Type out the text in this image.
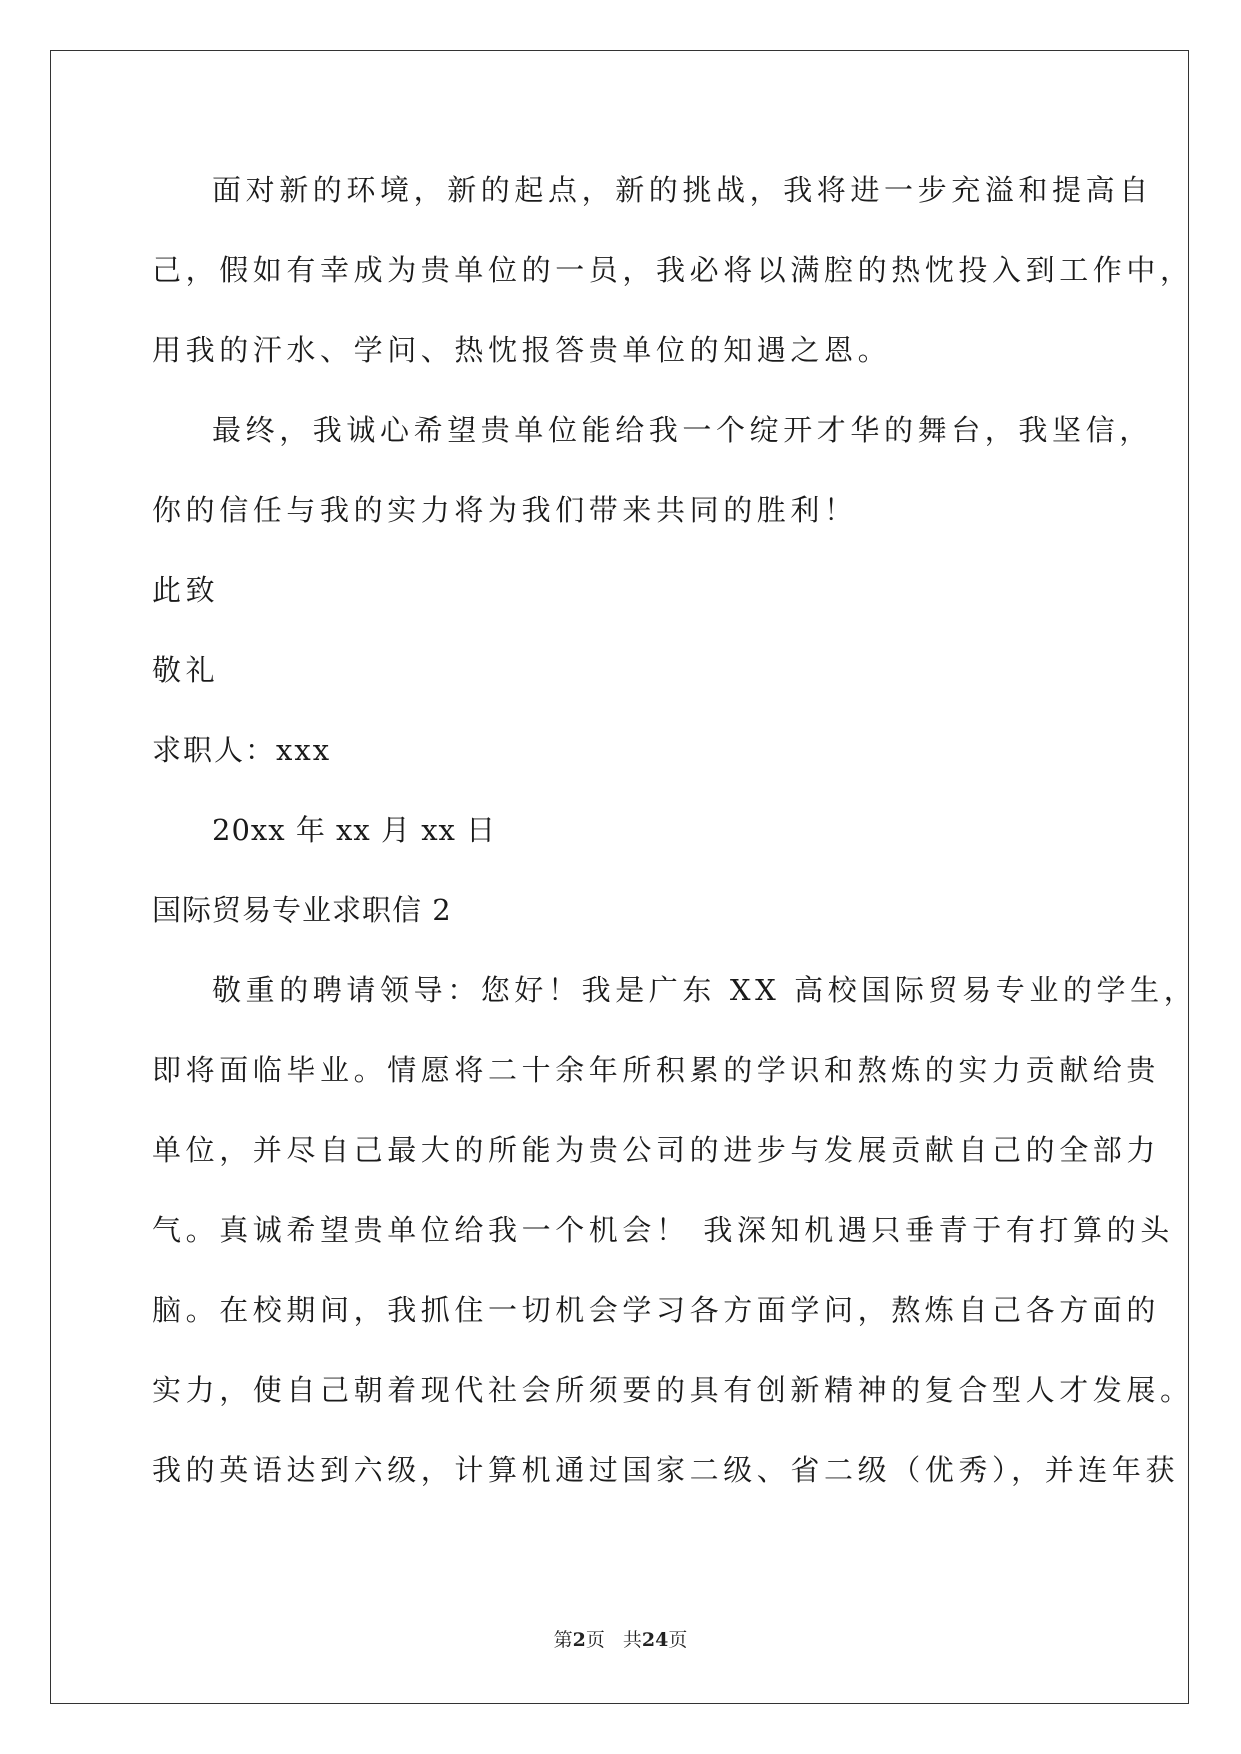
面对新的环境，新的起点，新的挑战，我将进一步充溢和提高自
己，假如有幸成为贵单位的一员，我必将以满腔的热忱投入到工作中，
用我的汗水、学问、热忱报答贵单位的知遇之恩。
最终，我诚心希望贵单位能给我一个绽开才华的舞台，我坚信，
你的信任与我的实力将为我们带来共同的胜利！
此致
敬礼
求职人：xxx
20xx 年 xx 月 xx 日
国际贸易专业求职信 2
敬重的聘请领导：您好！我是广东 XX 高校国际贸易专业的学生，
即将面临毕业。情愿将二十余年所积累的学识和熬炼的实力贡献给贵
单位，并尽自己最大的所能为贵公司的进步与发展贡献自己的全部力
气。真诚希望贵单位给我一个机会！ 我深知机遇只垂青于有打算的头
脑。在校期间，我抓住一切机会学习各方面学问，熬炼自己各方面的
实力，使自己朝着现代社会所须要的具有创新精神的复合型人才发展。
我的英语达到六级，计算机通过国家二级、省二级（优秀），并连年获
第2页 共24页
